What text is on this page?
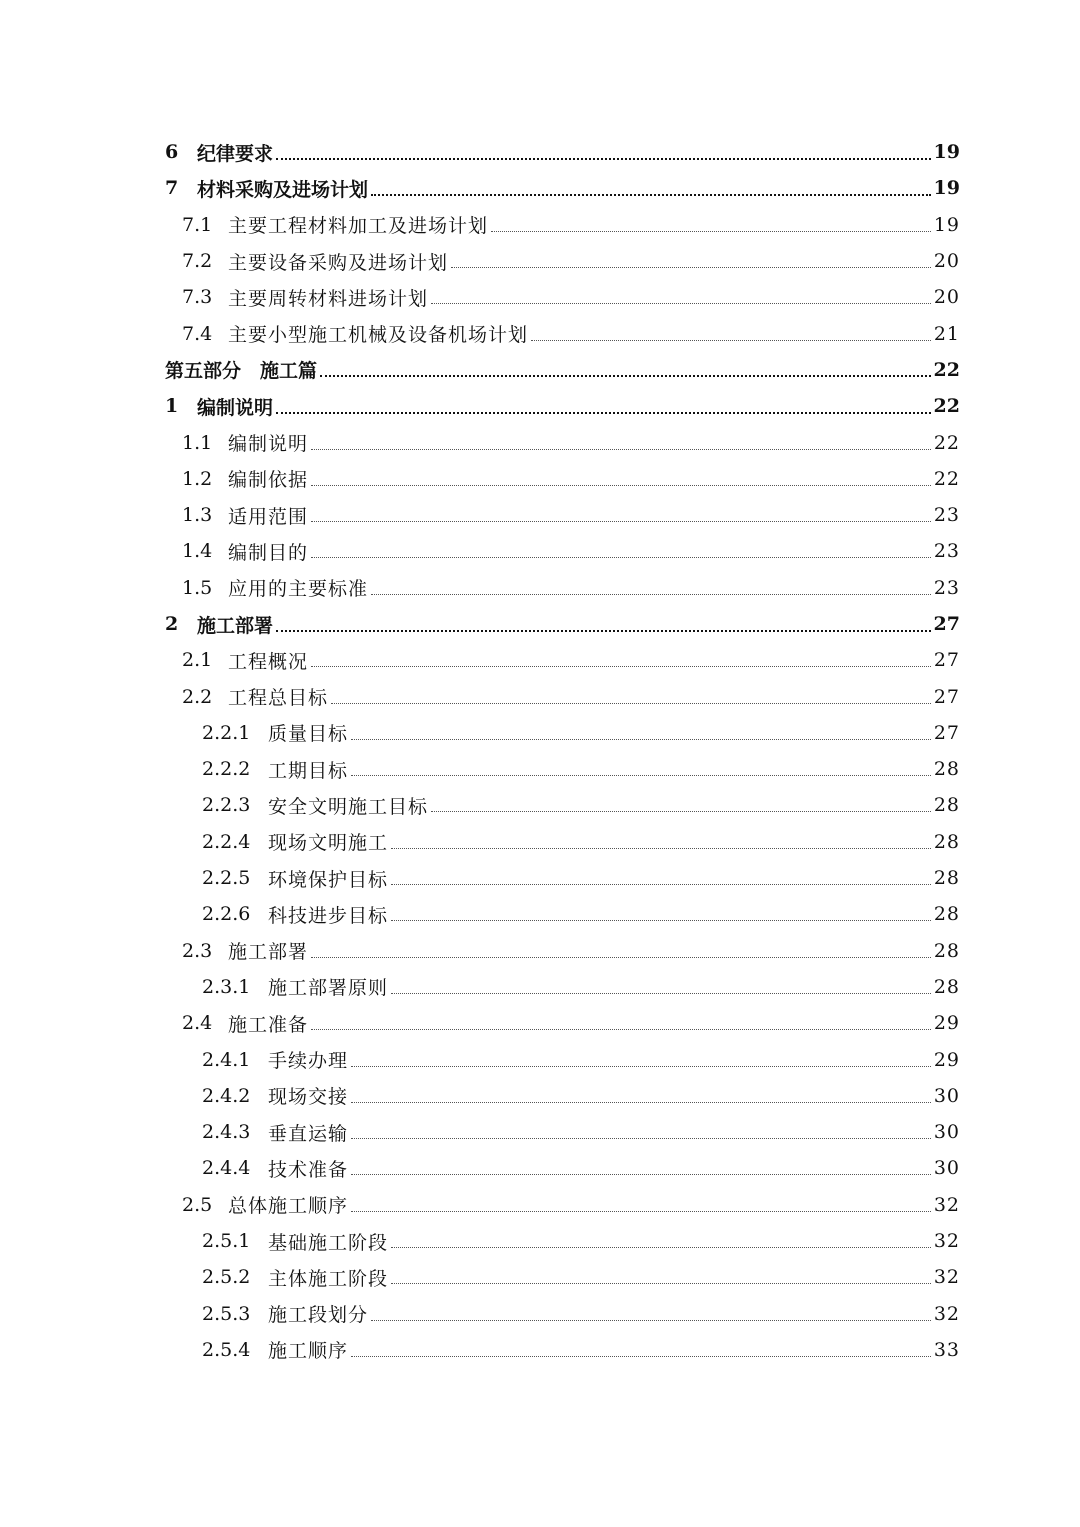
6 纪律要求	19
7 材料采购及进场计划	19
7.1 主要工程材料加工及进场计划	19
7.2 主要设备采购及进场计划	20
7.3 主要周转材料进场计划	20
7.4 主要小型施工机械及设备机场计划	21
第五部分　施工篇	22
1 编制说明	22
1.1 编制说明	22
1.2 编制依据	22
1.3 适用范围	23
1.4 编制目的	23
1.5 应用的主要标准	23
2 施工部署	27
2.1 工程概况	27
2.2 工程总目标	27
2.2.1 质量目标	27
2.2.2 工期目标	28
2.2.3 安全文明施工目标	28
2.2.4 现场文明施工	28
2.2.5 环境保护目标	28
2.2.6 科技进步目标	28
2.3 施工部署	28
2.3.1 施工部署原则	28
2.4 施工准备	29
2.4.1 手续办理	29
2.4.2 现场交接	30
2.4.3 垂直运输	30
2.4.4 技术准备	30
2.5 总体施工顺序	32
2.5.1 基础施工阶段	32
2.5.2 主体施工阶段	32
2.5.3 施工段划分	32
2.5.4 施工顺序	33
